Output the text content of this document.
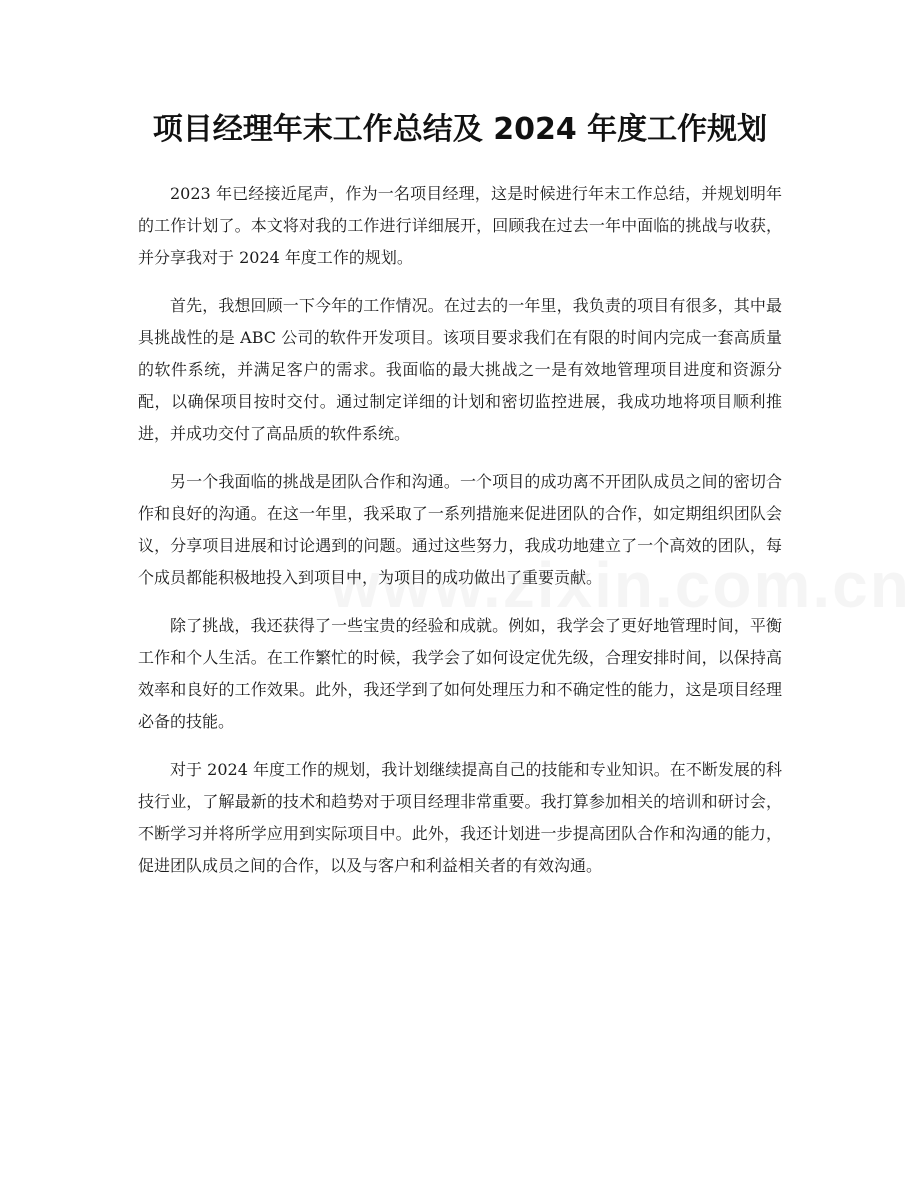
项目经理年末工作总结及 2024 年度工作规划

2023 年已经接近尾声，作为一名项目经理，这是时候进行年末工作总结，并规划明年的工作计划了。本文将对我的工作进行详细展开，回顾我在过去一年中面临的挑战与收获，并分享我对于 2024 年度工作的规划。

首先，我想回顾一下今年的工作情况。在过去的一年里，我负责的项目有很多，其中最具挑战性的是 ABC 公司的软件开发项目。该项目要求我们在有限的时间内完成一套高质量的软件系统，并满足客户的需求。我面临的最大挑战之一是有效地管理项目进度和资源分配，以确保项目按时交付。通过制定详细的计划和密切监控进展，我成功地将项目顺利推进，并成功交付了高品质的软件系统。

另一个我面临的挑战是团队合作和沟通。一个项目的成功离不开团队成员之间的密切合作和良好的沟通。在这一年里，我采取了一系列措施来促进团队的合作，如定期组织团队会议，分享项目进展和讨论遇到的问题。通过这些努力，我成功地建立了一个高效的团队，每个成员都能积极地投入到项目中，为项目的成功做出了重要贡献。

除了挑战，我还获得了一些宝贵的经验和成就。例如，我学会了更好地管理时间，平衡工作和个人生活。在工作繁忙的时候，我学会了如何设定优先级，合理安排时间，以保持高效率和良好的工作效果。此外，我还学到了如何处理压力和不确定性的能力，这是项目经理必备的技能。

对于 2024 年度工作的规划，我计划继续提高自己的技能和专业知识。在不断发展的科技行业，了解最新的技术和趋势对于项目经理非常重要。我打算参加相关的培训和研讨会，不断学习并将所学应用到实际项目中。此外，我还计划进一步提高团队合作和沟通的能力，促进团队成员之间的合作，以及与客户和利益相关者的有效沟通。
